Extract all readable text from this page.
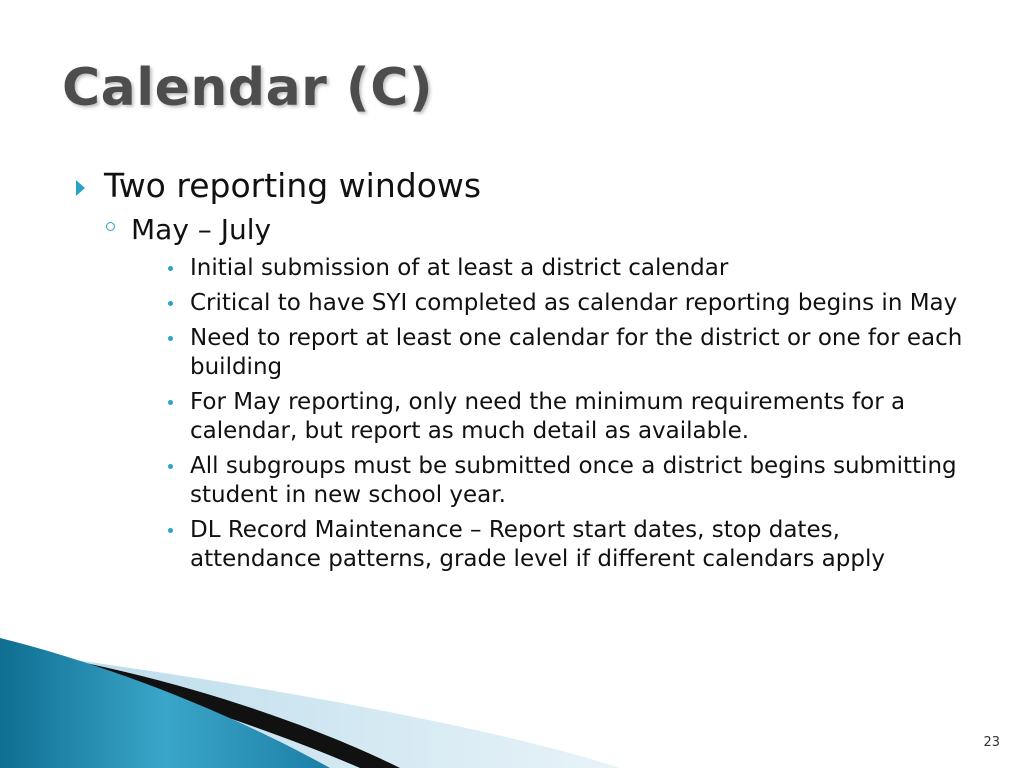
Calendar (C)
Two reporting windows
May – July
Initial submission of at least a district calendar
Critical to have SYI completed as calendar reporting begins in May
Need to report at least one calendar for the district or one for each building
For May reporting, only need the minimum requirements for a calendar, but report as much detail as available.
All subgroups must be submitted once a district begins submitting student in new school year.
DL Record Maintenance – Report start dates, stop dates, attendance patterns, grade level if different calendars apply
23
